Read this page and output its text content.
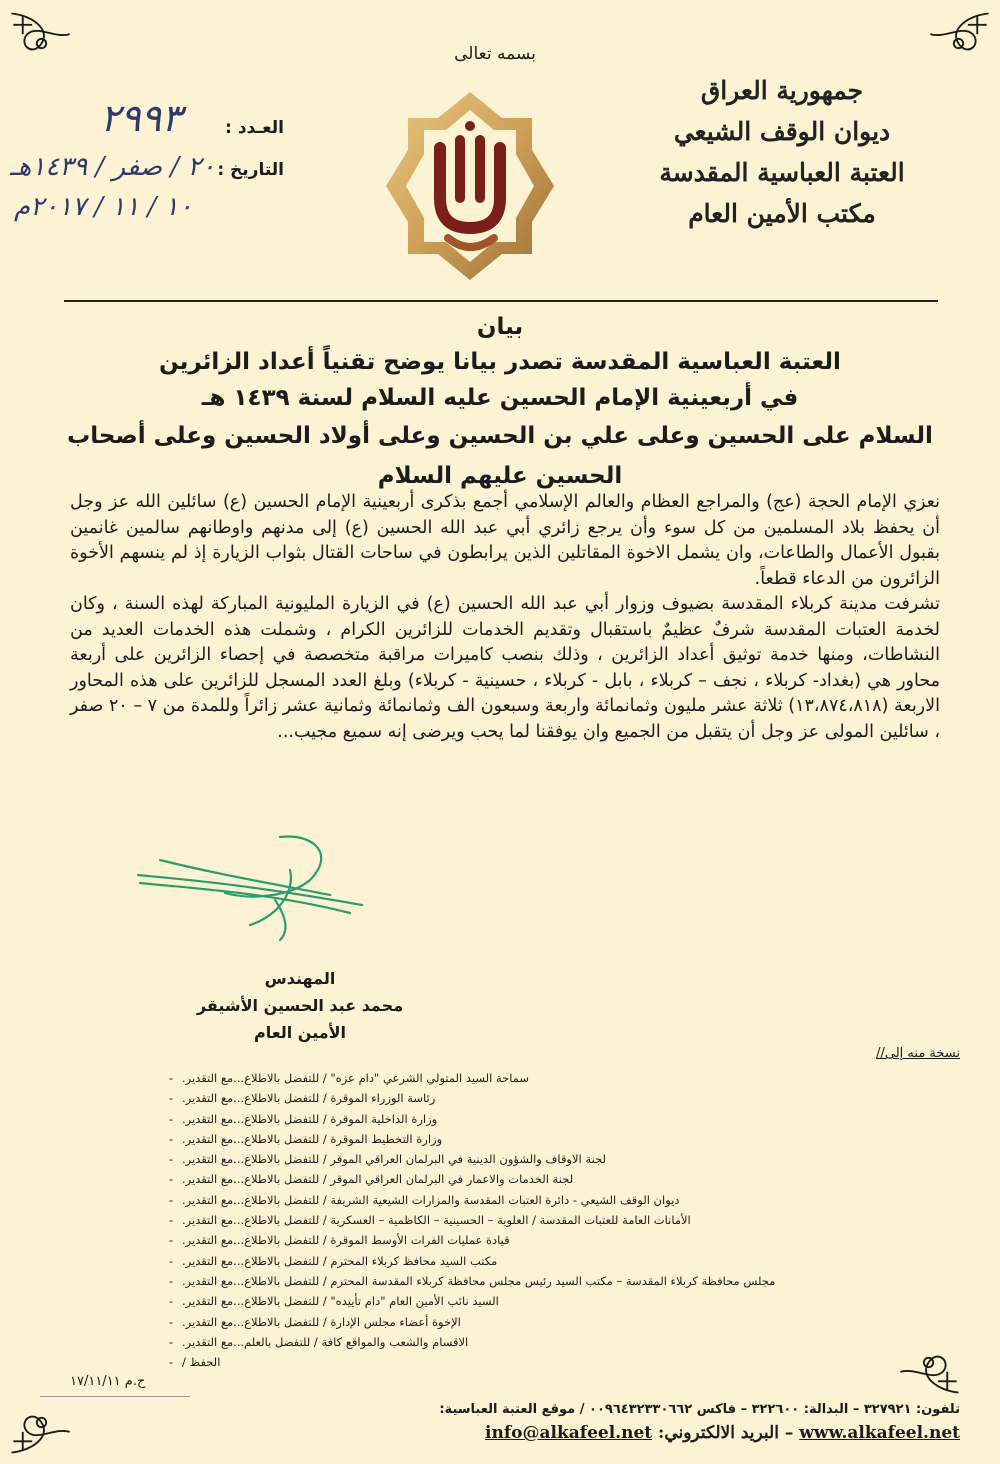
بسمه تعالى
جمهورية العراق
ديوان الوقف الشيعي
العتبة العباسية المقدسة
مكتب الأمين العام
العـدد :
٢٩٩٣
التاريخ :
٢٠ / صفر / ١٤٣٩هـ
١٠ / ١١ / ٢٠١٧م
بيان
العتبة العباسية المقدسة تصدر بيانا يوضح تقنياً أعداد الزائرين
في أربعينية الإمام الحسين عليه السلام لسنة ١٤٣٩ هـ
السلام على الحسين وعلى علي بن الحسين وعلى أولاد الحسين وعلى أصحاب الحسين عليهم السلام

نعزي الإمام الحجة (عج) والمراجع العظام والعالم الإسلامي أجمع بذكرى أربعينية الإمام الحسين (ع) سائلين الله عز وجل أن يحفظ بلاد المسلمين من كل سوء وأن يرجع زائري أبي عبد الله الحسين (ع) إلى مدنهم واوطانهم سالمين غانمين بقبول الأعمال والطاعات، وان يشمل الاخوة المقاتلين الذين يرابطون في ساحات القتال بثواب الزيارة إذ لم ينسهم الأخوة الزائرون من الدعاء قطعاً.

تشرفت مدينة كربلاء المقدسة بضيوف وزوار أبي عبد الله الحسين (ع) في الزيارة المليونية المباركة لهذه السنة ، وكان لخدمة العتبات المقدسة شرفٌ عظيمٌ باستقبال وتقديم الخدمات للزائرين الكرام ، وشملت هذه الخدمات العديد من النشاطات، ومنها خدمة توثيق أعداد الزائرين ، وذلك بنصب كاميرات مراقبة متخصصة في إحصاء الزائرين على أربعة محاور هي (بغداد- كربلاء ، نجف – كربلاء ، بابل - كربلاء ، حسينية - كربلاء) وبلغ العدد المسجل للزائرين على هذه المحاور الاربعة (١٣،٨٧٤،٨١٨) ثلاثة عشر مليون وثمانمائة واربعة وسبعون الف وثمانمائة وثمانية عشر زائراً وللمدة من ٧ – ٢٠ صفر ، سائلين المولى عز وجل أن يتقبل من الجميع وان يوفقنا لما يحب ويرضى إنه سميع مجيب...

المهندس
محمد عبد الحسين الأشيقر
الأمين العام
نسخة منه إلى//
- سماحة السيد المتولي الشرعي "دام عزه" / للتفضل بالاطلاع...مع التقدير.
- رئاسة الوزراء الموقرة / للتفضل بالاطلاع...مع التقدير.
- وزارة الداخلية الموقرة / للتفضل بالاطلاع...مع التقدير.
- وزارة التخطيط الموقرة / للتفضل بالاطلاع...مع التقدير.
- لجنة الاوقاف والشؤون الدينية في البرلمان العراقي الموقر / للتفضل بالاطلاع...مع التقدير.
- لجنة الخدمات والاعمار في البرلمان العراقي الموقر / للتفضل بالاطلاع...مع التقدير.
- ديوان الوقف الشيعي - دائرة العتبات المقدسة والمزارات الشيعية الشريفة / للتفضل بالاطلاع...مع التقدير.
- الأمانات العامة للعتبات المقدسة / العلوية – الحسينية – الكاظمية – العسكرية / للتفضل بالاطلاع...مع التقدير.
- قيادة عمليات الفرات الأوسط الموقرة / للتفضل بالاطلاع...مع التقدير.
- مكتب السيد محافظ كربلاء المحترم / للتفضل بالاطلاع...مع التقدير.
- مجلس محافظة كربلاء المقدسة – مكتب السيد رئيس مجلس محافظة كربلاء المقدسة المحترم / للتفضل بالاطلاع...مع التقدير.
- السيد نائب الأمين العام "دام تأييده" / للتفضل بالاطلاع...مع التقدير.
- الإخوة أعضاء مجلس الإدارة / للتفضل بالاطلاع...مع التقدير.
- الاقسام والشعب والمواقع كافة / للتفضل بالعلم...مع التقدير.
- الحفظ /
ح.م ١٧/١١/١١
تلفون: ٣٢٧٩٢١ – البدالة: ٣٢٢٦٠٠ – فاكس ٠٠٩٦٤٣٢٣٣٠٦٦٢ / موقع العتبة العباسية:
www.alkafeel.net – البريد الالكتروني: info@alkafeel.net
